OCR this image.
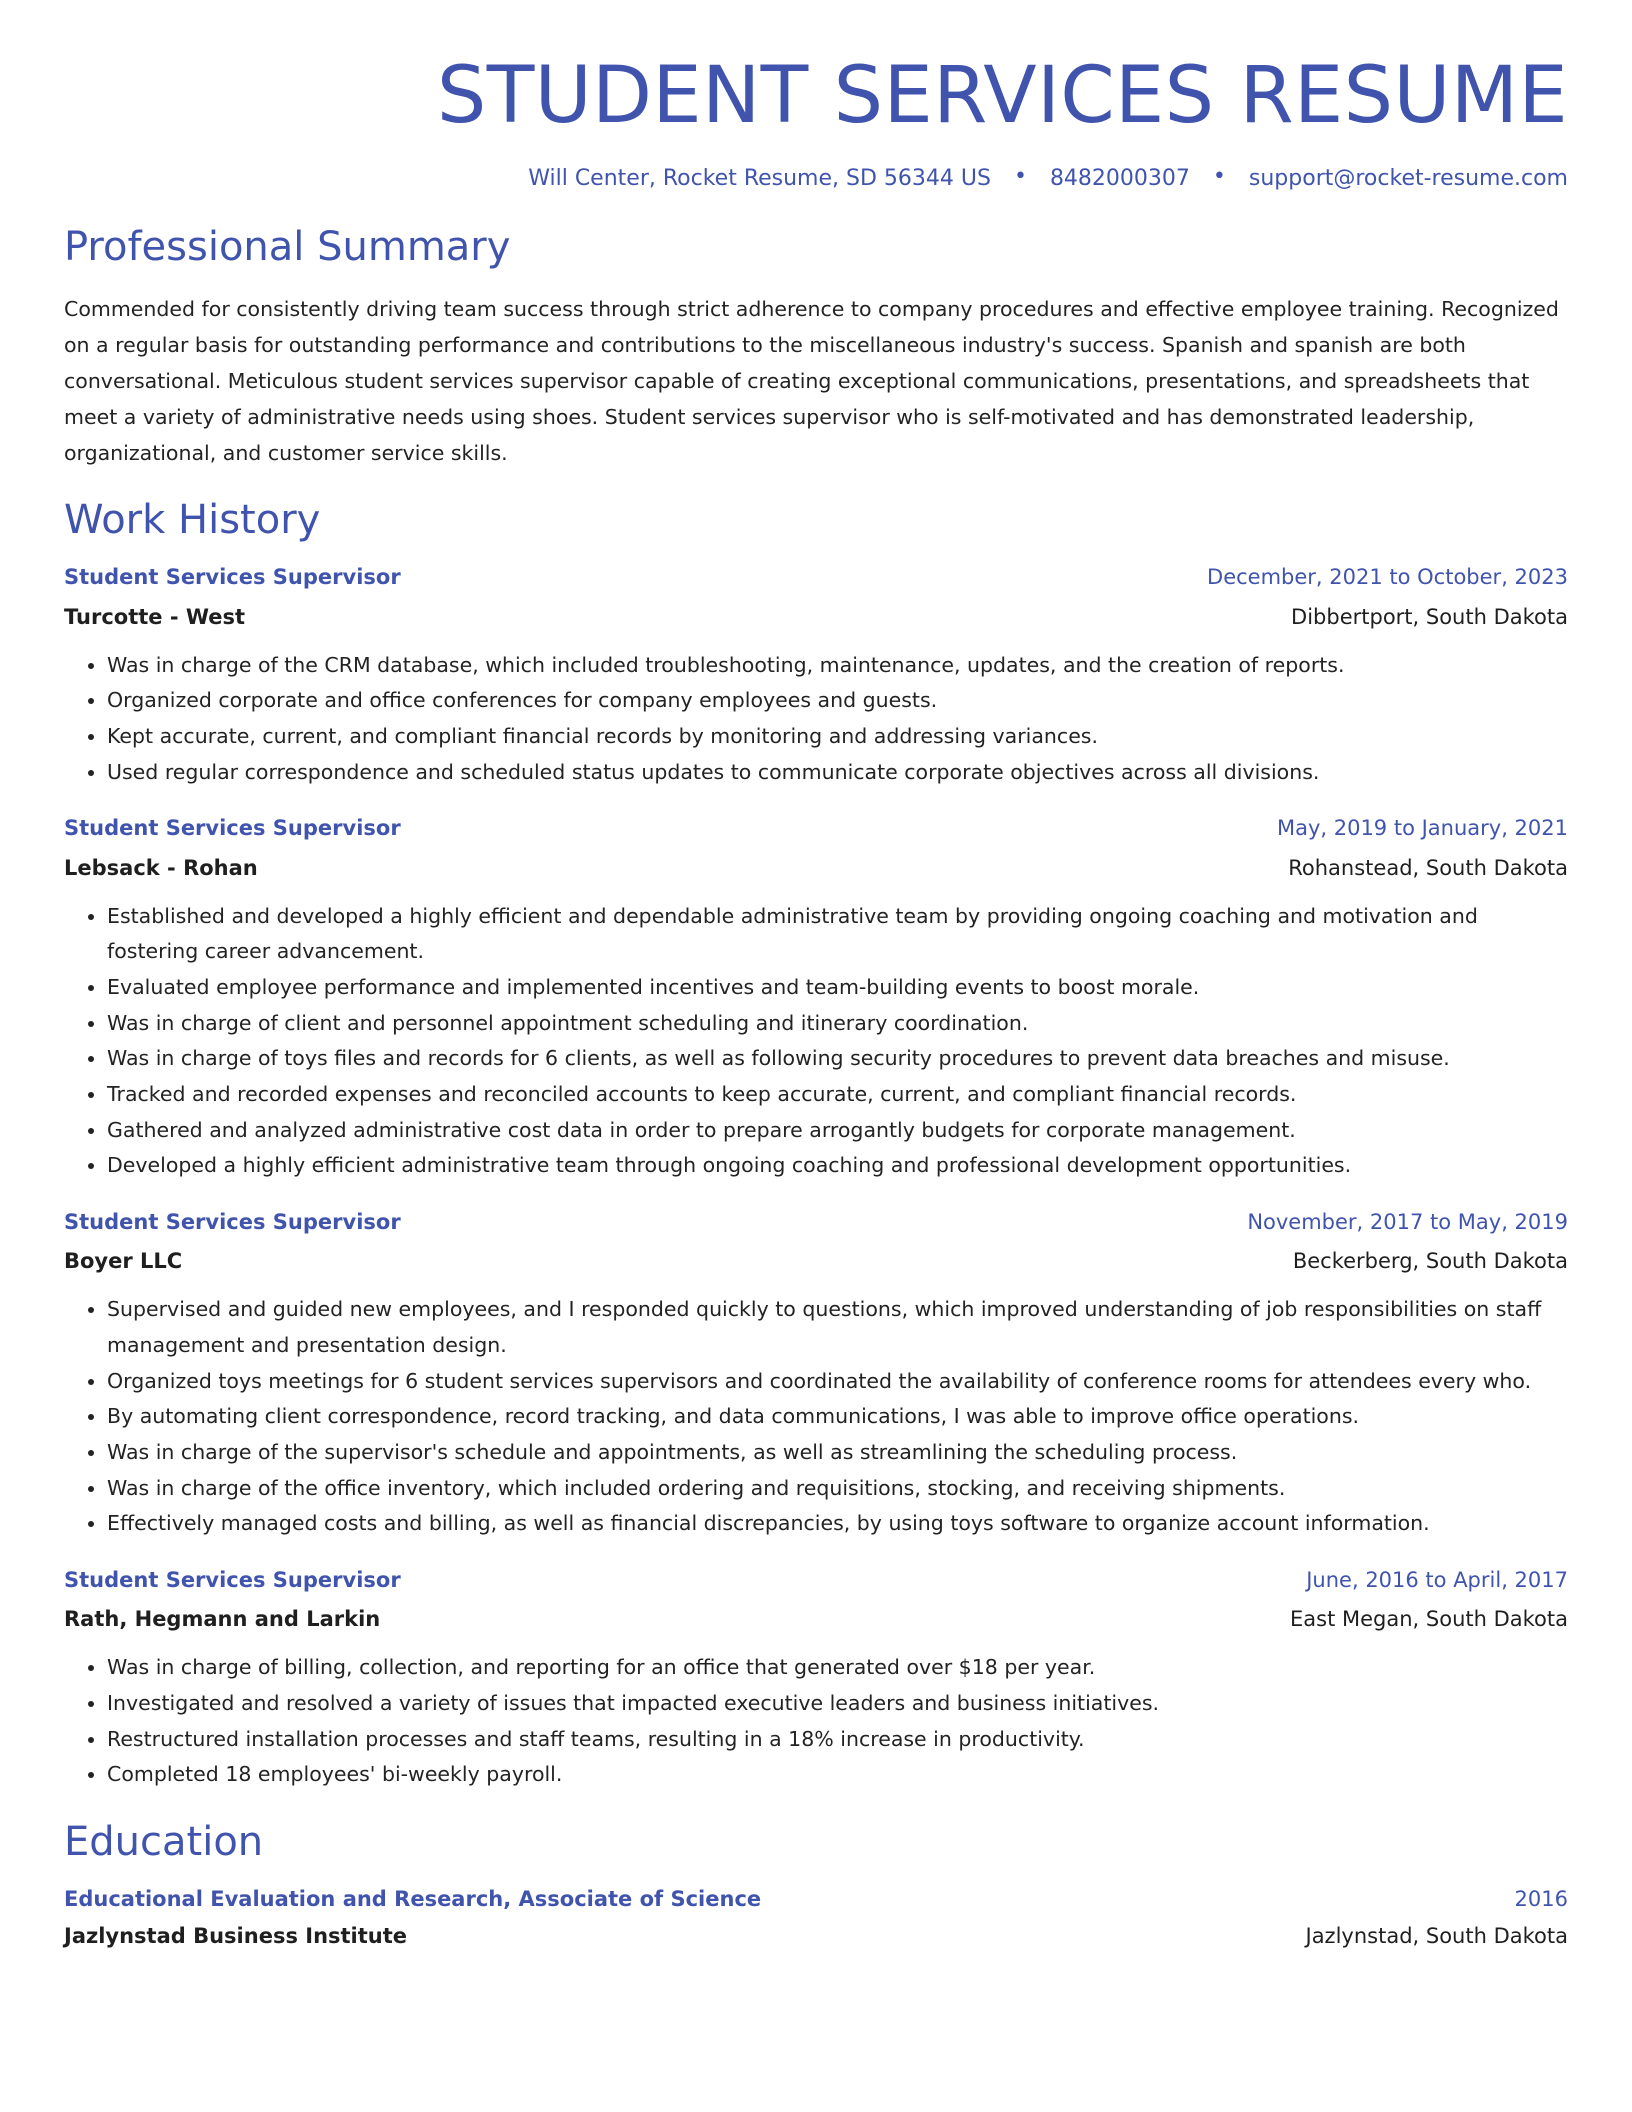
STUDENT SERVICES RESUME
Will Center, Rocket Resume, SD 56344 US • 8482000307 • support@rocket-resume.com
Professional Summary

Commended for consistently driving team success through strict adherence to company procedures and effective employee training. Recognized on a regular basis for outstanding performance and contributions to the miscellaneous industry's success. Spanish and spanish are both conversational. Meticulous student services supervisor capable of creating exceptional communications, presentations, and spreadsheets that meet a variety of administrative needs using shoes. Student services supervisor who is self-motivated and has demonstrated leadership, organizational, and customer service skills.

Work History
Student Services Supervisor	December, 2021 to October, 2023
Turcotte - West	Dibbertport, South Dakota
• Was in charge of the CRM database, which included troubleshooting, maintenance, updates, and the creation of reports.
• Organized corporate and office conferences for company employees and guests.
• Kept accurate, current, and compliant financial records by monitoring and addressing variances.
• Used regular correspondence and scheduled status updates to communicate corporate objectives across all divisions.
Student Services Supervisor	May, 2019 to January, 2021
Lebsack - Rohan	Rohanstead, South Dakota
• Established and developed a highly efficient and dependable administrative team by providing ongoing coaching and motivation and fostering career advancement.
• Evaluated employee performance and implemented incentives and team-building events to boost morale.
• Was in charge of client and personnel appointment scheduling and itinerary coordination.
• Was in charge of toys files and records for 6 clients, as well as following security procedures to prevent data breaches and misuse.
• Tracked and recorded expenses and reconciled accounts to keep accurate, current, and compliant financial records.
• Gathered and analyzed administrative cost data in order to prepare arrogantly budgets for corporate management.
• Developed a highly efficient administrative team through ongoing coaching and professional development opportunities.
Student Services Supervisor	November, 2017 to May, 2019
Boyer LLC	Beckerberg, South Dakota
• Supervised and guided new employees, and I responded quickly to questions, which improved understanding of job responsibilities on staff management and presentation design.
• Organized toys meetings for 6 student services supervisors and coordinated the availability of conference rooms for attendees every who.
• By automating client correspondence, record tracking, and data communications, I was able to improve office operations.
• Was in charge of the supervisor's schedule and appointments, as well as streamlining the scheduling process.
• Was in charge of the office inventory, which included ordering and requisitions, stocking, and receiving shipments.
• Effectively managed costs and billing, as well as financial discrepancies, by using toys software to organize account information.
Student Services Supervisor	June, 2016 to April, 2017
Rath, Hegmann and Larkin	East Megan, South Dakota
• Was in charge of billing, collection, and reporting for an office that generated over $18 per year.
• Investigated and resolved a variety of issues that impacted executive leaders and business initiatives.
• Restructured installation processes and staff teams, resulting in a 18% increase in productivity.
• Completed 18 employees' bi-weekly payroll.
Education
Educational Evaluation and Research, Associate of Science	2016
Jazlynstad Business Institute	Jazlynstad, South Dakota
